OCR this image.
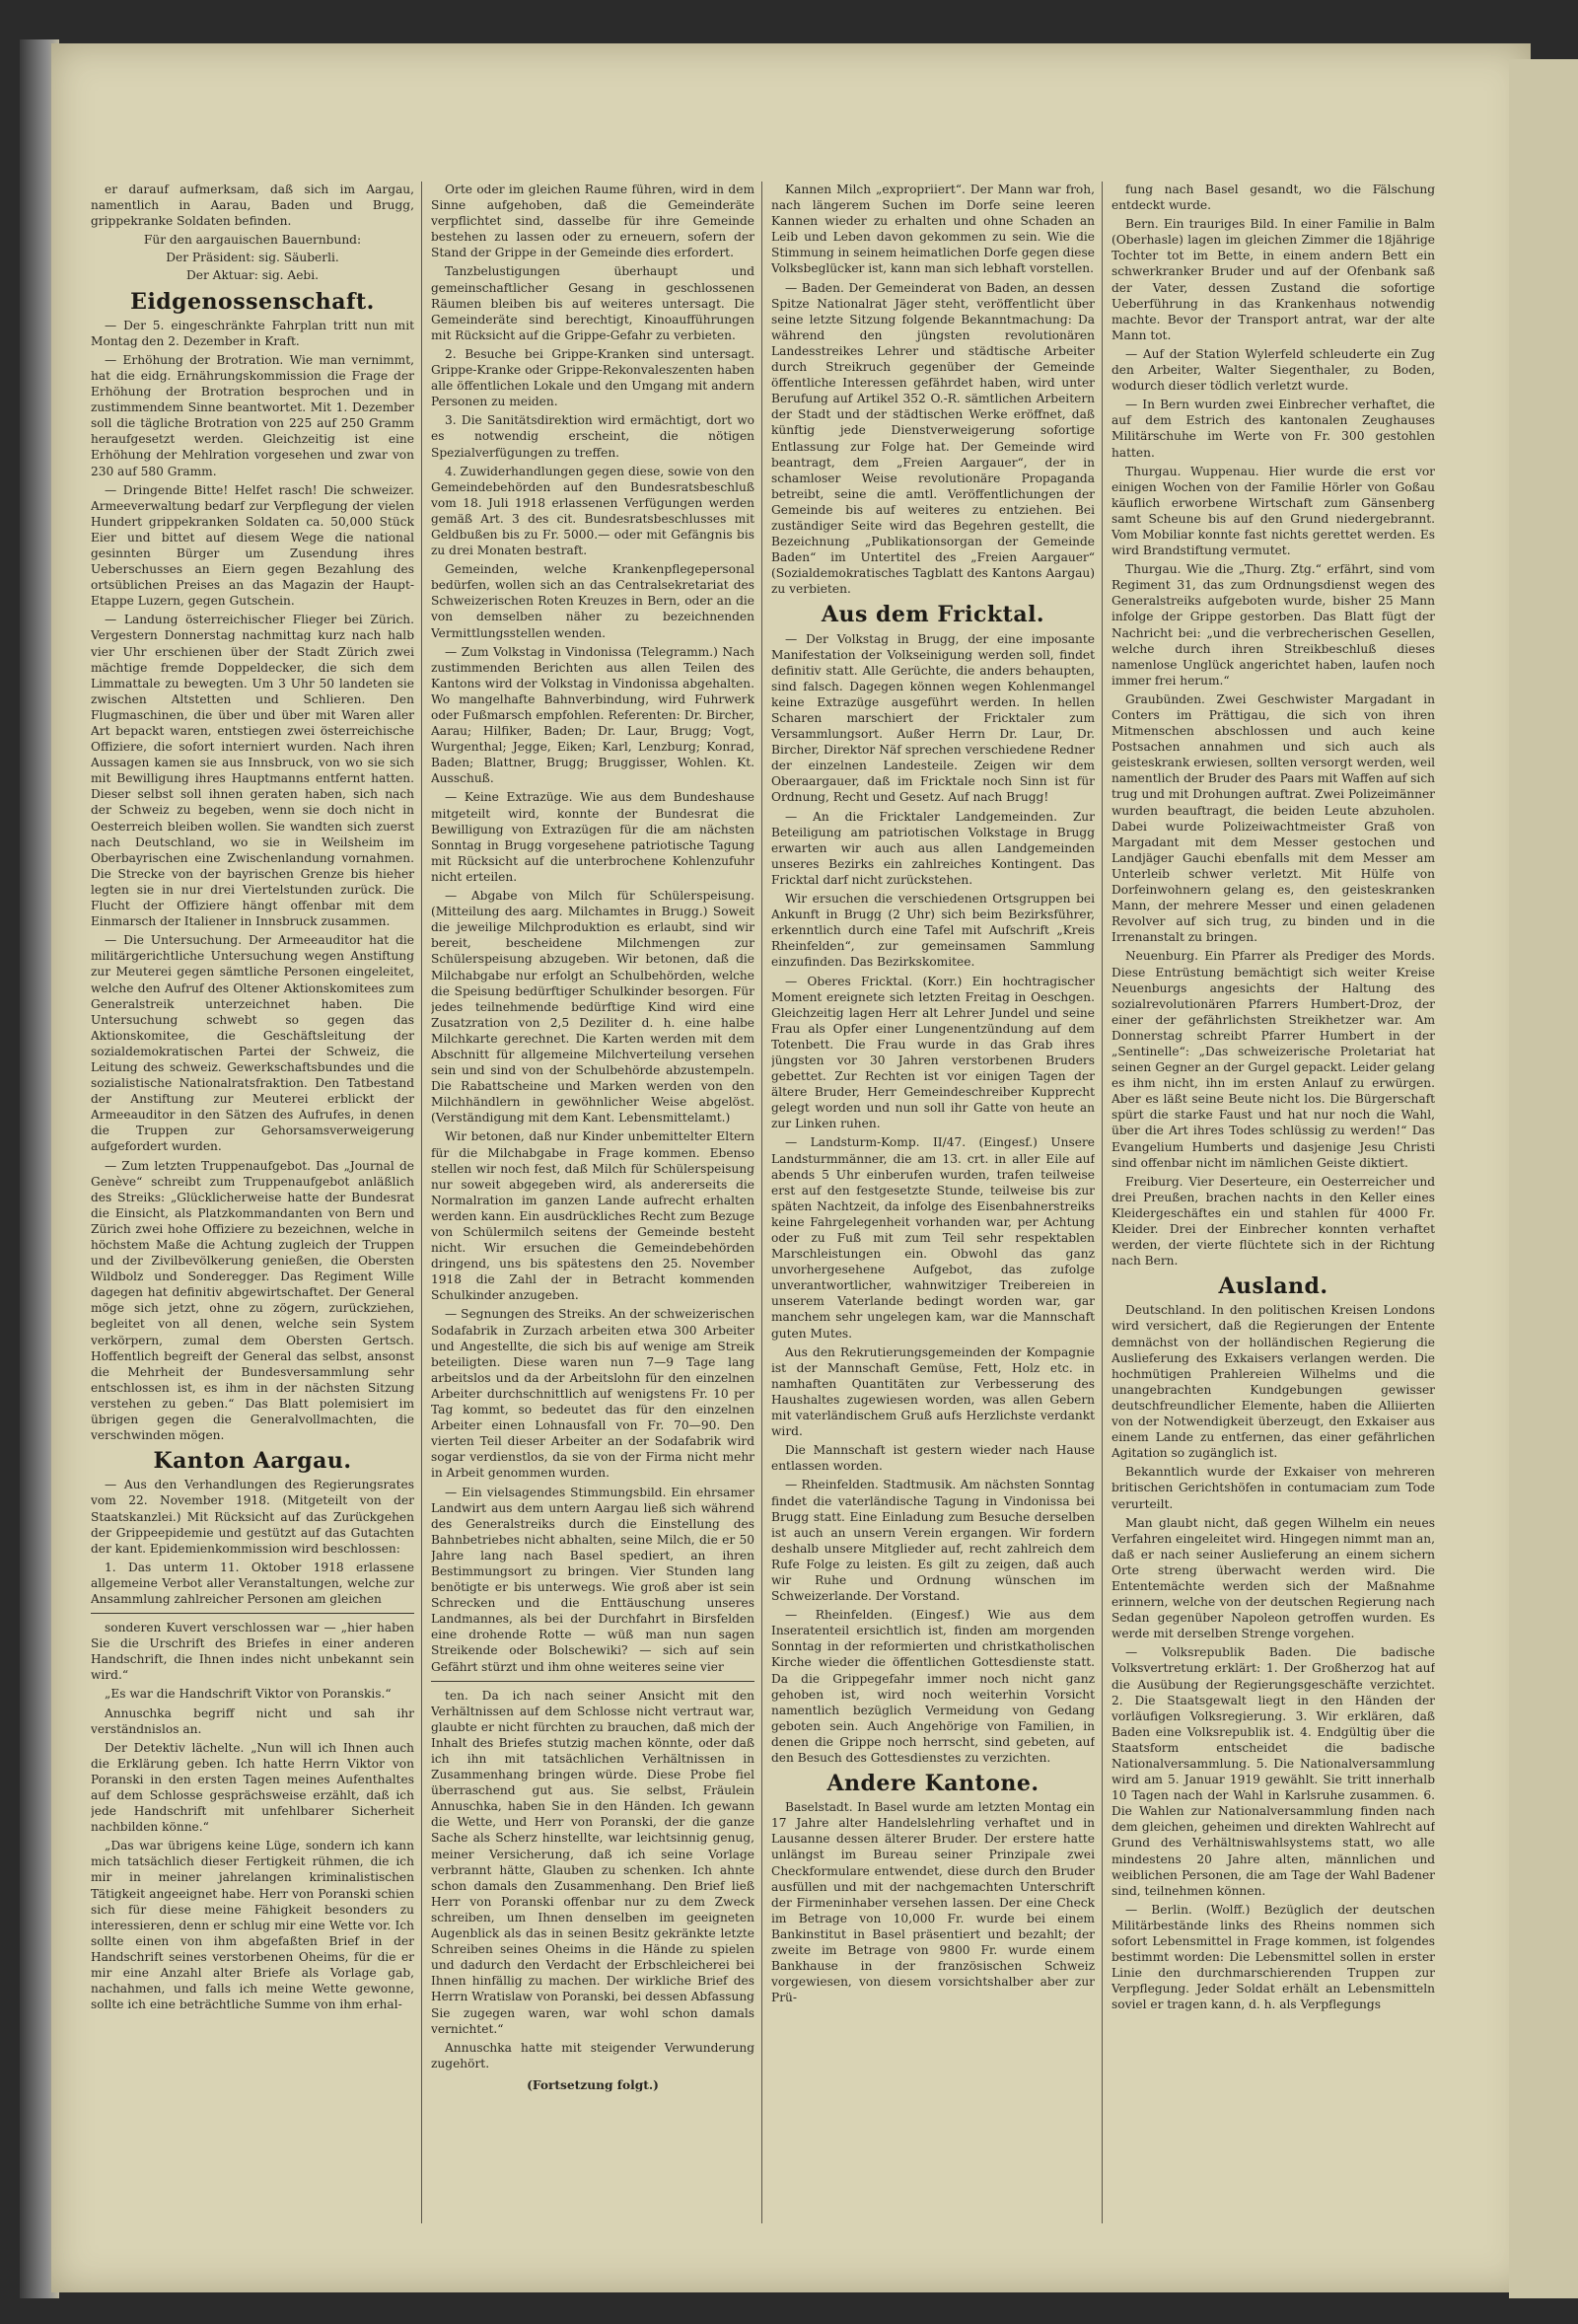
er darauf aufmerksam, daß sich im Aargau, namentlich in Aarau, Baden und Brugg, grippekranke Soldaten befinden.

Für den aargauischen Bauernbund:
Der Präsident: sig. Säuberli.
Der Aktuar: sig. Aebi.
Eidgenossenschaft.

— Der 5. eingeschränkte Fahrplan tritt nun mit Montag den 2. Dezember in Kraft.

— Erhöhung der Brotration. Wie man vernimmt, hat die eidg. Ernährungskommission die Frage der Erhöhung der Brotration besprochen und in zustimmendem Sinne beantwortet. Mit 1. Dezember soll die tägliche Brotration von 225 auf 250 Gramm heraufgesetzt werden. Gleichzeitig ist eine Erhöhung der Mehlration vorgesehen und zwar von 230 auf 580 Gramm.

— Dringende Bitte! Helfet rasch! Die schweizer. Armeeverwaltung bedarf zur Verpflegung der vielen Hundert grippekranken Soldaten ca. 50,000 Stück Eier und bittet auf diesem Wege die national gesinnten Bürger um Zusendung ihres Ueberschusses an Eiern gegen Bezahlung des ortsüblichen Preises an das Magazin der Haupt-Etappe Luzern, gegen Gutschein.

— Landung österreichischer Flieger bei Zürich. Vergestern Donnerstag nachmittag kurz nach halb vier Uhr erschienen über der Stadt Zürich zwei mächtige fremde Doppeldecker, die sich dem Limmattale zu bewegten. Um 3 Uhr 50 landeten sie zwischen Altstetten und Schlieren. Den Flugmaschinen, die über und über mit Waren aller Art bepackt waren, entstiegen zwei österreichische Offiziere, die sofort interniert wurden. Nach ihren Aussagen kamen sie aus Innsbruck, von wo sie sich mit Bewilligung ihres Hauptmanns entfernt hatten. Dieser selbst soll ihnen geraten haben, sich nach der Schweiz zu begeben, wenn sie doch nicht in Oesterreich bleiben wollen. Sie wandten sich zuerst nach Deutschland, wo sie in Weilsheim im Oberbayrischen eine Zwischenlandung vornahmen. Die Strecke von der bayrischen Grenze bis hieher legten sie in nur drei Viertelstunden zurück. Die Flucht der Offiziere hängt offenbar mit dem Einmarsch der Italiener in Innsbruck zusammen.

— Die Untersuchung. Der Armeeauditor hat die militärgerichtliche Untersuchung wegen Anstiftung zur Meuterei gegen sämtliche Personen eingeleitet, welche den Aufruf des Oltener Aktionskomitees zum Generalstreik unterzeichnet haben. Die Untersuchung schwebt so gegen das Aktionskomitee, die Geschäftsleitung der sozialdemokratischen Partei der Schweiz, die Leitung des schweiz. Gewerkschaftsbundes und die sozialistische Nationalratsfraktion. Den Tatbestand der Anstiftung zur Meuterei erblickt der Armeeauditor in den Sätzen des Aufrufes, in denen die Truppen zur Gehorsamsverweigerung aufgefordert wurden.

— Zum letzten Truppenaufgebot. Das „Journal de Genève“ schreibt zum Truppenaufgebot anläßlich des Streiks: „Glücklicherweise hatte der Bundesrat die Einsicht, als Platzkommandanten von Bern und Zürich zwei hohe Offiziere zu bezeichnen, welche in höchstem Maße die Achtung zugleich der Truppen und der Zivilbevölkerung genießen, die Obersten Wildbolz und Sonderegger. Das Regiment Wille dagegen hat definitiv abgewirtschaftet. Der General möge sich jetzt, ohne zu zögern, zurückziehen, begleitet von all denen, welche sein System verkörpern, zumal dem Obersten Gertsch. Hoffentlich begreift der General das selbst, ansonst die Mehrheit der Bundesversammlung sehr entschlossen ist, es ihm in der nächsten Sitzung verstehen zu geben.“ Das Blatt polemisiert im übrigen gegen die Generalvollmachten, die verschwinden mögen.

Kanton Aargau.

— Aus den Verhandlungen des Regierungsrates vom 22. November 1918. (Mitgeteilt von der Staatskanzlei.) Mit Rücksicht auf das Zurückgehen der Grippeepidemie und gestützt auf das Gutachten der kant. Epidemienkommission wird beschlossen:

1. Das unterm 11. Oktober 1918 erlassene allgemeine Verbot aller Veranstaltungen, welche zur Ansammlung zahlreicher Personen am gleichen

sonderen Kuvert verschlossen war — „hier haben Sie die Urschrift des Briefes in einer anderen Handschrift, die Ihnen indes nicht unbekannt sein wird.“

„Es war die Handschrift Viktor von Poranskis.“

Annuschka begriff nicht und sah ihr verständnislos an.

Der Detektiv lächelte. „Nun will ich Ihnen auch die Erklärung geben. Ich hatte Herrn Viktor von Poranski in den ersten Tagen meines Aufenthaltes auf dem Schlosse gesprächsweise erzählt, daß ich jede Handschrift mit unfehlbarer Sicherheit nachbilden könne.“

„Das war übrigens keine Lüge, sondern ich kann mich tatsächlich dieser Fertigkeit rühmen, die ich mir in meiner jahrelangen kriminalistischen Tätigkeit angeeignet habe. Herr von Poranski schien sich für diese meine Fähigkeit besonders zu interessieren, denn er schlug mir eine Wette vor. Ich sollte einen von ihm abgefaßten Brief in der Handschrift seines verstorbenen Oheims, für die er mir eine Anzahl alter Briefe als Vorlage gab, nachahmen, und falls ich meine Wette gewonne, sollte ich eine beträchtliche Summe von ihm erhal-

Orte oder im gleichen Raume führen, wird in dem Sinne aufgehoben, daß die Gemeinderäte verpflichtet sind, dasselbe für ihre Gemeinde bestehen zu lassen oder zu erneuern, sofern der Stand der Grippe in der Gemeinde dies erfordert.

Tanzbelustigungen überhaupt und gemeinschaftlicher Gesang in geschlossenen Räumen bleiben bis auf weiteres untersagt. Die Gemeinderäte sind berechtigt, Kinoaufführungen mit Rücksicht auf die Grippe-Gefahr zu verbieten.

2. Besuche bei Grippe-Kranken sind untersagt. Grippe-Kranke oder Grippe-Rekonvaleszenten haben alle öffentlichen Lokale und den Umgang mit andern Personen zu meiden.

3. Die Sanitätsdirektion wird ermächtigt, dort wo es notwendig erscheint, die nötigen Spezialverfügungen zu treffen.

4. Zuwiderhandlungen gegen diese, sowie von den Gemeindebehörden auf den Bundesratsbeschluß vom 18. Juli 1918 erlassenen Verfügungen werden gemäß Art. 3 des cit. Bundesratsbeschlusses mit Geldbußen bis zu Fr. 5000.— oder mit Gefängnis bis zu drei Monaten bestraft.

Gemeinden, welche Krankenpflegepersonal bedürfen, wollen sich an das Centralsekretariat des Schweizerischen Roten Kreuzes in Bern, oder an die von demselben näher zu bezeichnenden Vermittlungsstellen wenden.

— Zum Volkstag in Vindonissa (Telegramm.) Nach zustimmenden Berichten aus allen Teilen des Kantons wird der Volkstag in Vindonissa abgehalten. Wo mangelhafte Bahnverbindung, wird Fuhrwerk oder Fußmarsch empfohlen. Referenten: Dr. Bircher, Aarau; Hilfiker, Baden; Dr. Laur, Brugg; Vogt, Wurgenthal; Jegge, Eiken; Karl, Lenzburg; Konrad, Baden; Blattner, Brugg; Bruggisser, Wohlen. Kt. Ausschuß.

— Keine Extrazüge. Wie aus dem Bundeshause mitgeteilt wird, konnte der Bundesrat die Bewilligung von Extrazügen für die am nächsten Sonntag in Brugg vorgesehene patriotische Tagung mit Rücksicht auf die unterbrochene Kohlenzufuhr nicht erteilen.

— Abgabe von Milch für Schülerspeisung. (Mitteilung des aarg. Milchamtes in Brugg.) Soweit die jeweilige Milchproduktion es erlaubt, sind wir bereit, bescheidene Milchmengen zur Schülerspeisung abzugeben. Wir betonen, daß die Milchabgabe nur erfolgt an Schulbehörden, welche die Speisung bedürftiger Schulkinder besorgen. Für jedes teilnehmende bedürftige Kind wird eine Zusatzration von 2,5 Deziliter d. h. eine halbe Milchkarte gerechnet. Die Karten werden mit dem Abschnitt für allgemeine Milchverteilung versehen sein und sind von der Schulbehörde abzustempeln. Die Rabattscheine und Marken werden von den Milchhändlern in gewöhnlicher Weise abgelöst. (Verständigung mit dem Kant. Lebensmittelamt.)

Wir betonen, daß nur Kinder unbemittelter Eltern für die Milchabgabe in Frage kommen. Ebenso stellen wir noch fest, daß Milch für Schülerspeisung nur soweit abgegeben wird, als andererseits die Normalration im ganzen Lande aufrecht erhalten werden kann. Ein ausdrückliches Recht zum Bezuge von Schülermilch seitens der Gemeinde besteht nicht. Wir ersuchen die Gemeindebehörden dringend, uns bis spätestens den 25. November 1918 die Zahl der in Betracht kommenden Schulkinder anzugeben.

— Segnungen des Streiks. An der schweizerischen Sodafabrik in Zurzach arbeiten etwa 300 Arbeiter und Angestellte, die sich bis auf wenige am Streik beteiligten. Diese waren nun 7—9 Tage lang arbeitslos und da der Arbeitslohn für den einzelnen Arbeiter durchschnittlich auf wenigstens Fr. 10 per Tag kommt, so bedeutet das für den einzelnen Arbeiter einen Lohnausfall von Fr. 70—90. Den vierten Teil dieser Arbeiter an der Sodafabrik wird sogar verdienstlos, da sie von der Firma nicht mehr in Arbeit genommen wurden.

— Ein vielsagendes Stimmungsbild. Ein ehrsamer Landwirt aus dem untern Aargau ließ sich während des Generalstreiks durch die Einstellung des Bahnbetriebes nicht abhalten, seine Milch, die er 50 Jahre lang nach Basel spediert, an ihren Bestimmungsort zu bringen. Vier Stunden lang benötigte er bis unterwegs. Wie groß aber ist sein Schrecken und die Enttäuschung unseres Landmannes, als bei der Durchfahrt in Birsfelden eine drohende Rotte — wüß man nun sagen Streikende oder Bolschewiki? — sich auf sein Gefährt stürzt und ihm ohne weiteres seine vier

ten. Da ich nach seiner Ansicht mit den Verhältnissen auf dem Schlosse nicht vertraut war, glaubte er nicht fürchten zu brauchen, daß mich der Inhalt des Briefes stutzig machen könnte, oder daß ich ihn mit tatsächlichen Verhältnissen in Zusammenhang bringen würde. Diese Probe fiel überraschend gut aus. Sie selbst, Fräulein Annuschka, haben Sie in den Händen. Ich gewann die Wette, und Herr von Poranski, der die ganze Sache als Scherz hinstellte, war leichtsinnig genug, meiner Versicherung, daß ich seine Vorlage verbrannt hätte, Glauben zu schenken. Ich ahnte schon damals den Zusammenhang. Den Brief ließ Herr von Poranski offenbar nur zu dem Zweck schreiben, um Ihnen denselben im geeigneten Augenblick als das in seinen Besitz gekränkte letzte Schreiben seines Oheims in die Hände zu spielen und dadurch den Verdacht der Erbschleicherei bei Ihnen hinfällig zu machen. Der wirkliche Brief des Herrn Wratislaw von Poranski, bei dessen Abfassung Sie zugegen waren, war wohl schon damals vernichtet.“

Annuschka hatte mit steigender Verwunderung zugehört.

(Fortsetzung folgt.)

Kannen Milch „expropriiert“. Der Mann war froh, nach längerem Suchen im Dorfe seine leeren Kannen wieder zu erhalten und ohne Schaden an Leib und Leben davon gekommen zu sein. Wie die Stimmung in seinem heimatlichen Dorfe gegen diese Volksbeglücker ist, kann man sich lebhaft vorstellen.

— Baden. Der Gemeinderat von Baden, an dessen Spitze Nationalrat Jäger steht, veröffentlicht über seine letzte Sitzung folgende Bekanntmachung: Da während den jüngsten revolutionären Landesstreikes Lehrer und städtische Arbeiter durch Streikruch gegenüber der Gemeinde öffentliche Interessen gefährdet haben, wird unter Berufung auf Artikel 352 O.-R. sämtlichen Arbeitern der Stadt und der städtischen Werke eröffnet, daß künftig jede Dienstverweigerung sofortige Entlassung zur Folge hat. Der Gemeinde wird beantragt, dem „Freien Aargauer“, der in schamloser Weise revolutionäre Propaganda betreibt, seine die amtl. Veröffentlichungen der Gemeinde bis auf weiteres zu entziehen. Bei zuständiger Seite wird das Begehren gestellt, die Bezeichnung „Publikationsorgan der Gemeinde Baden“ im Untertitel des „Freien Aargauer“ (Sozialdemokratisches Tagblatt des Kantons Aargau) zu verbieten.

Aus dem Fricktal.

— Der Volkstag in Brugg, der eine imposante Manifestation der Volkseinigung werden soll, findet definitiv statt. Alle Gerüchte, die anders behaupten, sind falsch. Dagegen können wegen Kohlenmangel keine Extrazüge ausgeführt werden. In hellen Scharen marschiert der Fricktaler zum Versammlungsort. Außer Herrn Dr. Laur, Dr. Bircher, Direktor Näf sprechen verschiedene Redner der einzelnen Landesteile. Zeigen wir dem Oberaargauer, daß im Fricktale noch Sinn ist für Ordnung, Recht und Gesetz. Auf nach Brugg!

— An die Fricktaler Landgemeinden. Zur Beteiligung am patriotischen Volkstage in Brugg erwarten wir auch aus allen Landgemeinden unseres Bezirks ein zahlreiches Kontingent. Das Fricktal darf nicht zurückstehen.

Wir ersuchen die verschiedenen Ortsgruppen bei Ankunft in Brugg (2 Uhr) sich beim Bezirksführer, erkenntlich durch eine Tafel mit Aufschrift „Kreis Rheinfelden“, zur gemeinsamen Sammlung einzufinden. Das Bezirkskomitee.

— Oberes Fricktal. (Korr.) Ein hochtragischer Moment ereignete sich letzten Freitag in Oeschgen. Gleichzeitig lagen Herr alt Lehrer Jundel und seine Frau als Opfer einer Lungenentzündung auf dem Totenbett. Die Frau wurde in das Grab ihres jüngsten vor 30 Jahren verstorbenen Bruders gebettet. Zur Rechten ist vor einigen Tagen der ältere Bruder, Herr Gemeindeschreiber Kupprecht gelegt worden und nun soll ihr Gatte von heute an zur Linken ruhen.

— Landsturm-Komp. II/47. (Eingesf.) Unsere Landsturmmänner, die am 13. crt. in aller Eile auf abends 5 Uhr einberufen wurden, trafen teilweise erst auf den festgesetzte Stunde, teilweise bis zur späten Nachtzeit, da infolge des Eisenbahnerstreiks keine Fahrgelegenheit vorhanden war, per Achtung oder zu Fuß mit zum Teil sehr respektablen Marschleistungen ein. Obwohl das ganz unvorhergesehene Aufgebot, das zufolge unverantwortlicher, wahnwitziger Treibereien in unserem Vaterlande bedingt worden war, gar manchem sehr ungelegen kam, war die Mannschaft guten Mutes.

Aus den Rekrutierungsgemeinden der Kompagnie ist der Mannschaft Gemüse, Fett, Holz etc. in namhaften Quantitäten zur Verbesserung des Haushaltes zugewiesen worden, was allen Gebern mit vaterländischem Gruß aufs Herzlichste verdankt wird.

Die Mannschaft ist gestern wieder nach Hause entlassen worden.

— Rheinfelden. Stadtmusik. Am nächsten Sonntag findet die vaterländische Tagung in Vindonissa bei Brugg statt. Eine Einladung zum Besuche derselben ist auch an unsern Verein ergangen. Wir fordern deshalb unsere Mitglieder auf, recht zahlreich dem Rufe Folge zu leisten. Es gilt zu zeigen, daß auch wir Ruhe und Ordnung wünschen im Schweizerlande. Der Vorstand.

— Rheinfelden. (Eingesf.) Wie aus dem Inseratenteil ersichtlich ist, finden am morgenden Sonntag in der reformierten und christkatholischen Kirche wieder die öffentlichen Gottesdienste statt. Da die Grippegefahr immer noch nicht ganz gehoben ist, wird noch weiterhin Vorsicht namentlich bezüglich Vermeidung von Gedang geboten sein. Auch Angehörige von Familien, in denen die Grippe noch herrscht, sind gebeten, auf den Besuch des Gottesdienstes zu verzichten.

Andere Kantone.

Baselstadt. In Basel wurde am letzten Montag ein 17 Jahre alter Handelslehrling verhaftet und in Lausanne dessen älterer Bruder. Der erstere hatte unlängst im Bureau seiner Prinzipale zwei Checkformulare entwendet, diese durch den Bruder ausfüllen und mit der nachgemachten Unterschrift der Firmeninhaber versehen lassen. Der eine Check im Betrage von 10,000 Fr. wurde bei einem Bankinstitut in Basel präsentiert und bezahlt; der zweite im Betrage von 9800 Fr. wurde einem Bankhause in der französischen Schweiz vorgewiesen, von diesem vorsichtshalber aber zur Prü-

fung nach Basel gesandt, wo die Fälschung entdeckt wurde.

Bern. Ein trauriges Bild. In einer Familie in Balm (Oberhasle) lagen im gleichen Zimmer die 18jährige Tochter tot im Bette, in einem andern Bett ein schwerkranker Bruder und auf der Ofenbank saß der Vater, dessen Zustand die sofortige Ueberführung in das Krankenhaus notwendig machte. Bevor der Transport antrat, war der alte Mann tot.

— Auf der Station Wylerfeld schleuderte ein Zug den Arbeiter, Walter Siegenthaler, zu Boden, wodurch dieser tödlich verletzt wurde.

— In Bern wurden zwei Einbrecher verhaftet, die auf dem Estrich des kantonalen Zeughauses Militärschuhe im Werte von Fr. 300 gestohlen hatten.

Thurgau. Wuppenau. Hier wurde die erst vor einigen Wochen von der Familie Hörler von Goßau käuflich erworbene Wirtschaft zum Gänsenberg samt Scheune bis auf den Grund niedergebrannt. Vom Mobiliar konnte fast nichts gerettet werden. Es wird Brandstiftung vermutet.

Thurgau. Wie die „Thurg. Ztg.“ erfährt, sind vom Regiment 31, das zum Ordnungsdienst wegen des Generalstreiks aufgeboten wurde, bisher 25 Mann infolge der Grippe gestorben. Das Blatt fügt der Nachricht bei: „und die verbrecherischen Gesellen, welche durch ihren Streikbeschluß dieses namenlose Unglück angerichtet haben, laufen noch immer frei herum.“

Graubünden. Zwei Geschwister Margadant in Conters im Prättigau, die sich von ihren Mitmenschen abschlossen und auch keine Postsachen annahmen und sich auch als geisteskrank erwiesen, sollten versorgt werden, weil namentlich der Bruder des Paars mit Waffen auf sich trug und mit Drohungen auftrat. Zwei Polizeimänner wurden beauftragt, die beiden Leute abzuholen. Dabei wurde Polizeiwachtmeister Graß von Margadant mit dem Messer gestochen und Landjäger Gauchi ebenfalls mit dem Messer am Unterleib schwer verletzt. Mit Hülfe von Dorfeinwohnern gelang es, den geisteskranken Mann, der mehrere Messer und einen geladenen Revolver auf sich trug, zu binden und in die Irrenanstalt zu bringen.

Neuenburg. Ein Pfarrer als Prediger des Mords. Diese Entrüstung bemächtigt sich weiter Kreise Neuenburgs angesichts der Haltung des sozialrevolutionären Pfarrers Humbert-Droz, der einer der gefährlichsten Streikhetzer war. Am Donnerstag schreibt Pfarrer Humbert in der „Sentinelle“: „Das schweizerische Proletariat hat seinen Gegner an der Gurgel gepackt. Leider gelang es ihm nicht, ihn im ersten Anlauf zu erwürgen. Aber es läßt seine Beute nicht los. Die Bürgerschaft spürt die starke Faust und hat nur noch die Wahl, über die Art ihres Todes schlüssig zu werden!“ Das Evangelium Humberts und dasjenige Jesu Christi sind offenbar nicht im nämlichen Geiste diktiert.

Freiburg. Vier Deserteure, ein Oesterreicher und drei Preußen, brachen nachts in den Keller eines Kleidergeschäftes ein und stahlen für 4000 Fr. Kleider. Drei der Einbrecher konnten verhaftet werden, der vierte flüchtete sich in der Richtung nach Bern.

Ausland.

Deutschland. In den politischen Kreisen Londons wird versichert, daß die Regierungen der Entente demnächst von der holländischen Regierung die Auslieferung des Exkaisers verlangen werden. Die hochmütigen Prahlereien Wilhelms und die unangebrachten Kundgebungen gewisser deutschfreundlicher Elemente, haben die Alliierten von der Notwendigkeit überzeugt, den Exkaiser aus einem Lande zu entfernen, das einer gefährlichen Agitation so zugänglich ist.

Bekanntlich wurde der Exkaiser von mehreren britischen Gerichtshöfen in contumaciam zum Tode verurteilt.

Man glaubt nicht, daß gegen Wilhelm ein neues Verfahren eingeleitet wird. Hingegen nimmt man an, daß er nach seiner Auslieferung an einem sichern Orte streng überwacht werden wird. Die Ententemächte werden sich der Maßnahme erinnern, welche von der deutschen Regierung nach Sedan gegenüber Napoleon getroffen wurden. Es werde mit derselben Strenge vorgehen.

— Volksrepublik Baden. Die badische Volksvertretung erklärt: 1. Der Großherzog hat auf die Ausübung der Regierungsgeschäfte verzichtet. 2. Die Staatsgewalt liegt in den Händen der vorläufigen Volksregierung. 3. Wir erklären, daß Baden eine Volksrepublik ist. 4. Endgültig über die Staatsform entscheidet die badische Nationalversammlung. 5. Die Nationalversammlung wird am 5. Januar 1919 gewählt. Sie tritt innerhalb 10 Tagen nach der Wahl in Karlsruhe zusammen. 6. Die Wahlen zur Nationalversammlung finden nach dem gleichen, geheimen und direkten Wahlrecht auf Grund des Verhältniswahlsystems statt, wo alle mindestens 20 Jahre alten, männlichen und weiblichen Personen, die am Tage der Wahl Badener sind, teilnehmen können.

— Berlin. (Wolff.) Bezüglich der deutschen Militärbestände links des Rheins nommen sich sofort Lebensmittel in Frage kommen, ist folgendes bestimmt worden: Die Lebensmittel sollen in erster Linie den durchmarschierenden Truppen zur Verpflegung. Jeder Soldat erhält an Lebensmitteln soviel er tragen kann, d. h. als Verpflegungs
